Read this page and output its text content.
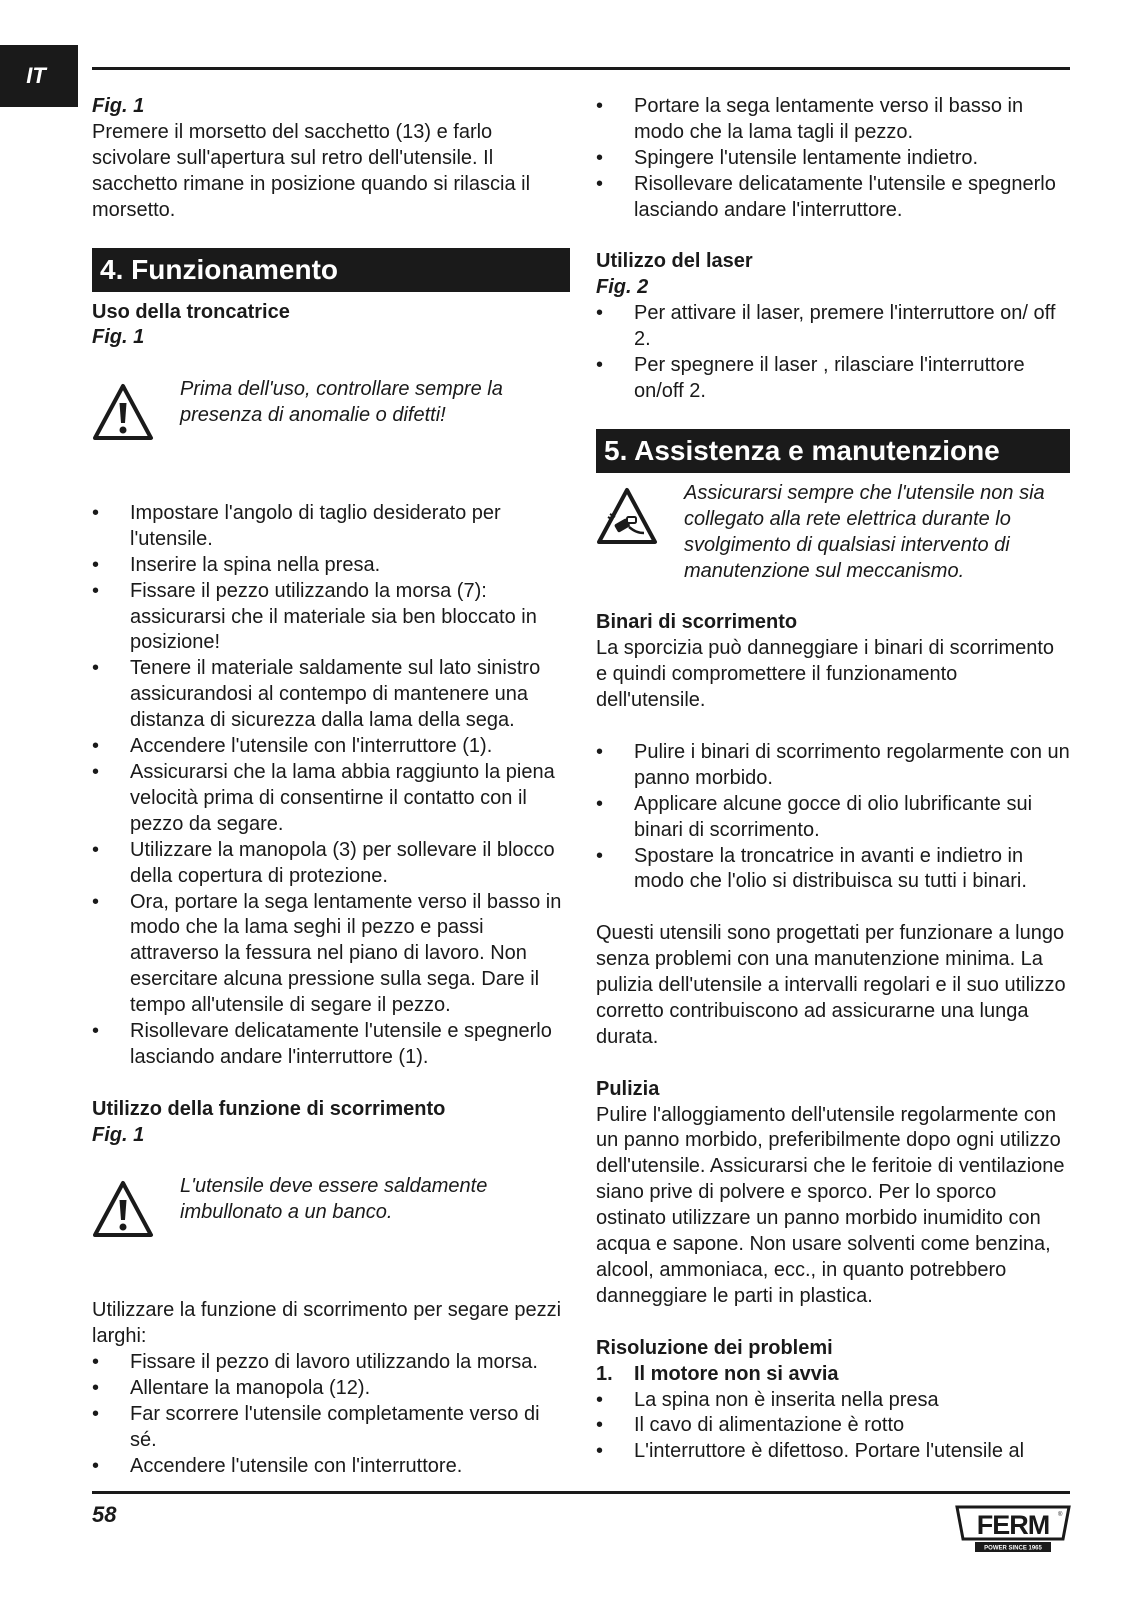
IT

Fig. 1

Premere il morsetto del sacchetto (13) e farlo scivolare sull'apertura sul retro dell'utensile. Il sacchetto rimane in posizione quando si rilascia il morsetto.

4. Funzionamento

Uso della troncatrice

Fig. 1

Prima dell'uso, controllare sempre la presenza di anomalie o difetti!
• Impostare l'angolo di taglio desiderato per l'utensile.
• Inserire la spina nella presa.
• Fissare il pezzo utilizzando la morsa (7): assicurarsi che il materiale sia ben bloccato in posizione!
• Tenere il materiale saldamente sul lato sinistro assicurandosi al contempo di mantenere una distanza di sicurezza dalla lama della sega.
• Accendere l'utensile con l'interruttore (1).
• Assicurarsi che la lama abbia raggiunto la piena velocità prima di consentirne il contatto con il pezzo da segare.
• Utilizzare la manopola (3) per sollevare il blocco della copertura di protezione.
• Ora, portare la sega lentamente verso il basso in modo che la lama seghi il pezzo e passi attraverso la fessura nel piano di lavoro. Non esercitare alcuna pressione sulla sega. Dare il tempo all'utensile di segare il pezzo.
• Risollevare delicatamente l'utensile e spegnerlo lasciando andare l'interruttore (1).

Utilizzo della funzione di scorrimento

Fig. 1

L'utensile deve essere saldamente imbullonato a un banco.

Utilizzare la funzione di scorrimento per segare pezzi larghi:

• Fissare il pezzo di lavoro utilizzando la morsa.
• Allentare la manopola (12).
• Far scorrere l'utensile completamente verso di sé.
• Accendere l'utensile con l'interruttore.
• Portare la sega lentamente verso il basso in modo che la lama tagli il pezzo.
• Spingere l'utensile lentamente indietro.
• Risollevare delicatamente l'utensile e spegnerlo lasciando andare l'interruttore.

Utilizzo del laser

Fig. 2

• Per attivare il laser, premere l'interruttore on/ off 2.
• Per spegnere il laser , rilasciare l'interruttore on/off 2.
5. Assistenza e manutenzione
Assicurarsi sempre che l'utensile non sia collegato alla rete elettrica durante lo svolgimento di qualsiasi intervento di manutenzione sul meccanismo.

Binari di scorrimento

La sporcizia può danneggiare i binari di scorrimento e quindi compromettere il funzionamento dell'utensile.

• Pulire i binari di scorrimento regolarmente con un panno morbido.
• Applicare alcune gocce di olio lubrificante sui binari di scorrimento.
• Spostare la troncatrice in avanti e indietro in modo che l'olio si distribuisca su tutti i binari.

Questi utensili sono progettati per funzionare a lungo senza problemi con una manutenzione minima. La pulizia dell'utensile a intervalli regolari e il suo utilizzo corretto contribuiscono ad assicurarne una lunga durata.

Pulizia

Pulire l'alloggiamento dell'utensile regolarmente con un panno morbido, preferibilmente dopo ogni utilizzo dell'utensile. Assicurarsi che le feritoie di ventilazione siano prive di polvere e sporco. Per lo sporco ostinato utilizzare un panno morbido inumidito con acqua e sapone. Non usare solventi come benzina, alcool, ammoniaca, ecc., in quanto potrebbero danneggiare le parti in plastica.

Risoluzione dei problemi

1. Il motore non si avvia

• La spina non è inserita nella presa
• Il cavo di alimentazione è rotto
• L'interruttore è difettoso. Portare l'utensile al
58	FERM ®
POWER SINCE 1965
